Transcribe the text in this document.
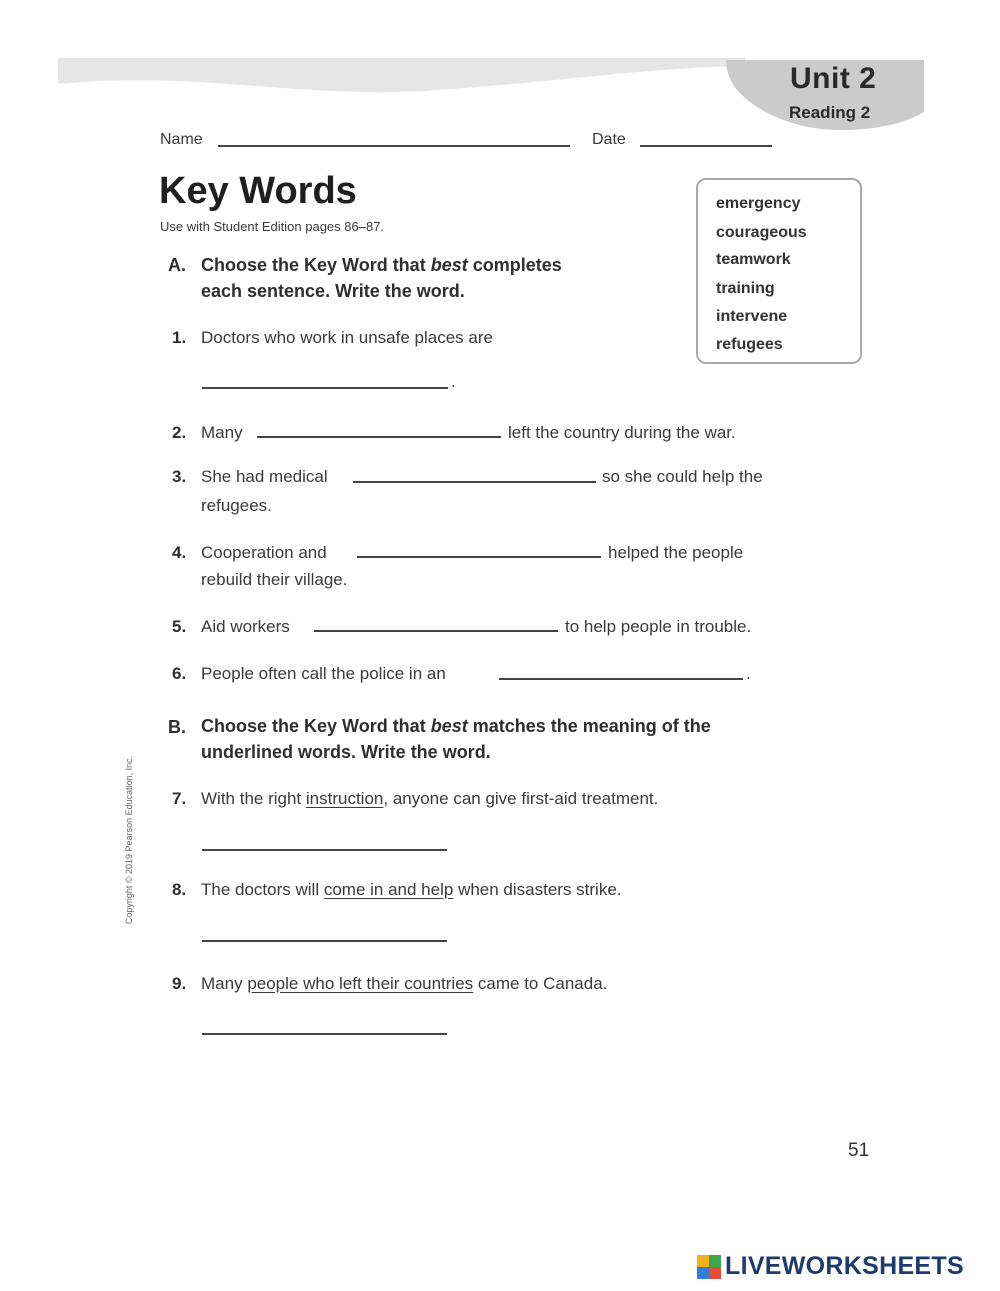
Unit 2
Reading 2
Name	Date
Key Words
Use with Student Edition pages 86–87.
emergency
courageous
teamwork
training
intervene
refugees
A. Choose the Key Word that best completes
each sentence. Write the word.
1. Doctors who work in unsafe places are
.
2. Many	left the country during the war.
3. She had medical	so she could help the
refugees.
4. Cooperation and	helped the people
rebuild their village.
5. Aid workers	to help people in trouble.
6. People often call the police in an	.
B. Choose the Key Word that best matches the meaning of the
underlined words. Write the word.
7. With the right instruction, anyone can give first-aid treatment.
8. The doctors will come in and help when disasters strike.
9. Many people who left their countries came to Canada.
Copyright © 2019 Pearson Education, Inc.
51
LIVEWORKSHEETS
